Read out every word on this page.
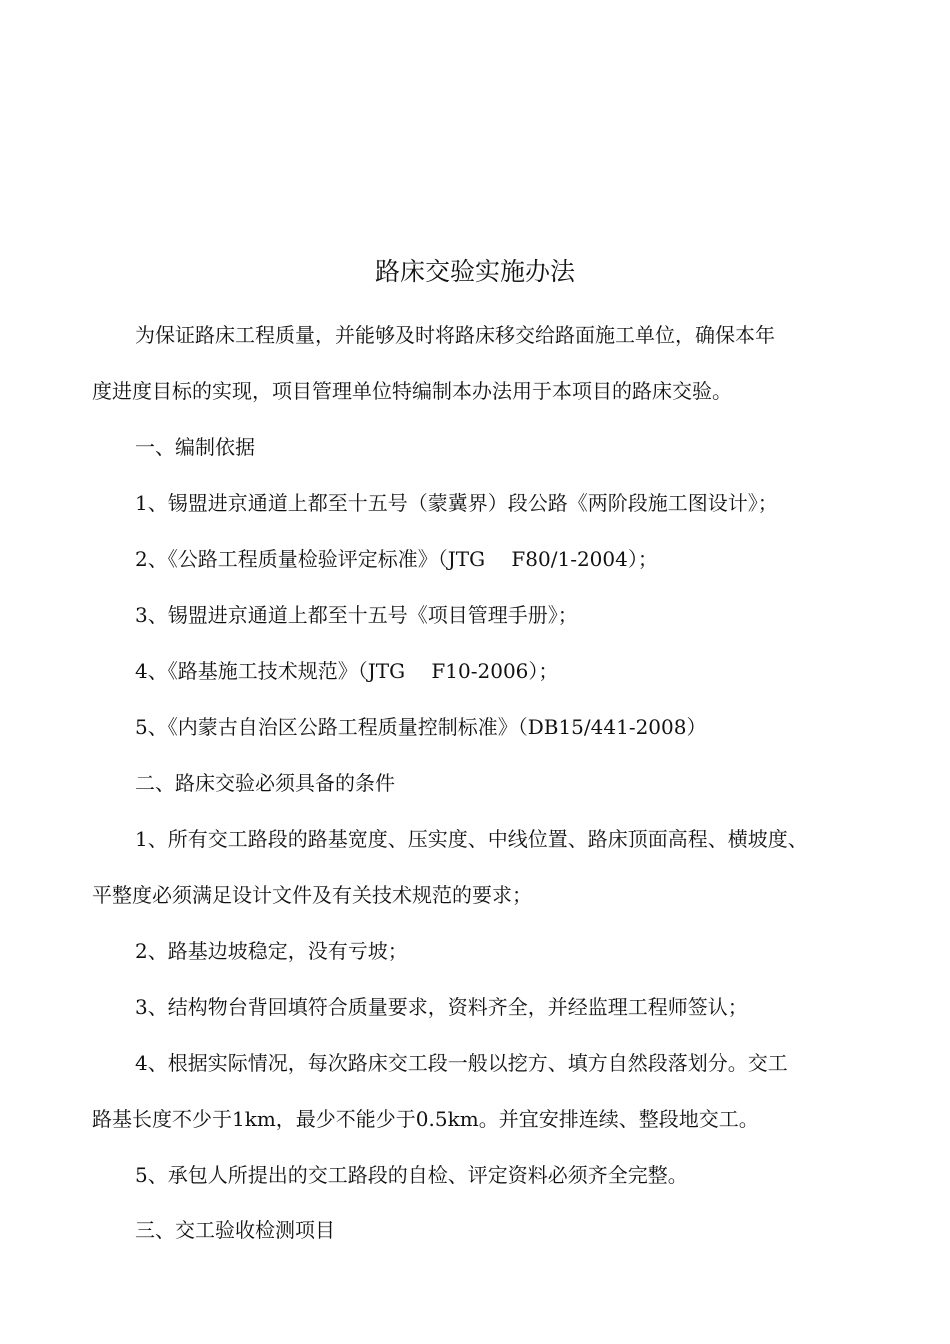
路床交验实施办法
为保证路床工程质量，并能够及时将路床移交给路面施工单位，确保本年
度进度目标的实现，项目管理单位特编制本办法用于本项目的路床交验。
一、编制依据
1、锡盟进京通道上都至十五号（蒙冀界）段公路《两阶段施工图设计》；
2、《公路工程质量检验评定标准》（JTG　 F80/1-2004）；
3、锡盟进京通道上都至十五号《项目管理手册》；
4、《路基施工技术规范》（JTG　 F10-2006）；
5、《内蒙古自治区公路工程质量控制标准》（DB15/441-2008）
二、路床交验必须具备的条件
1、所有交工路段的路基宽度、压实度、中线位置、路床顶面高程、横坡度、
平整度必须满足设计文件及有关技术规范的要求；
2、路基边坡稳定，没有亏坡；
3、结构物台背回填符合质量要求，资料齐全，并经监理工程师签认；
4、根据实际情况，每次路床交工段一般以挖方、填方自然段落划分。交工
路基长度不少于1km，最少不能少于0.5km。并宜安排连续、整段地交工。
5、承包人所提出的交工路段的自检、评定资料必须齐全完整。
三、交工验收检测项目
